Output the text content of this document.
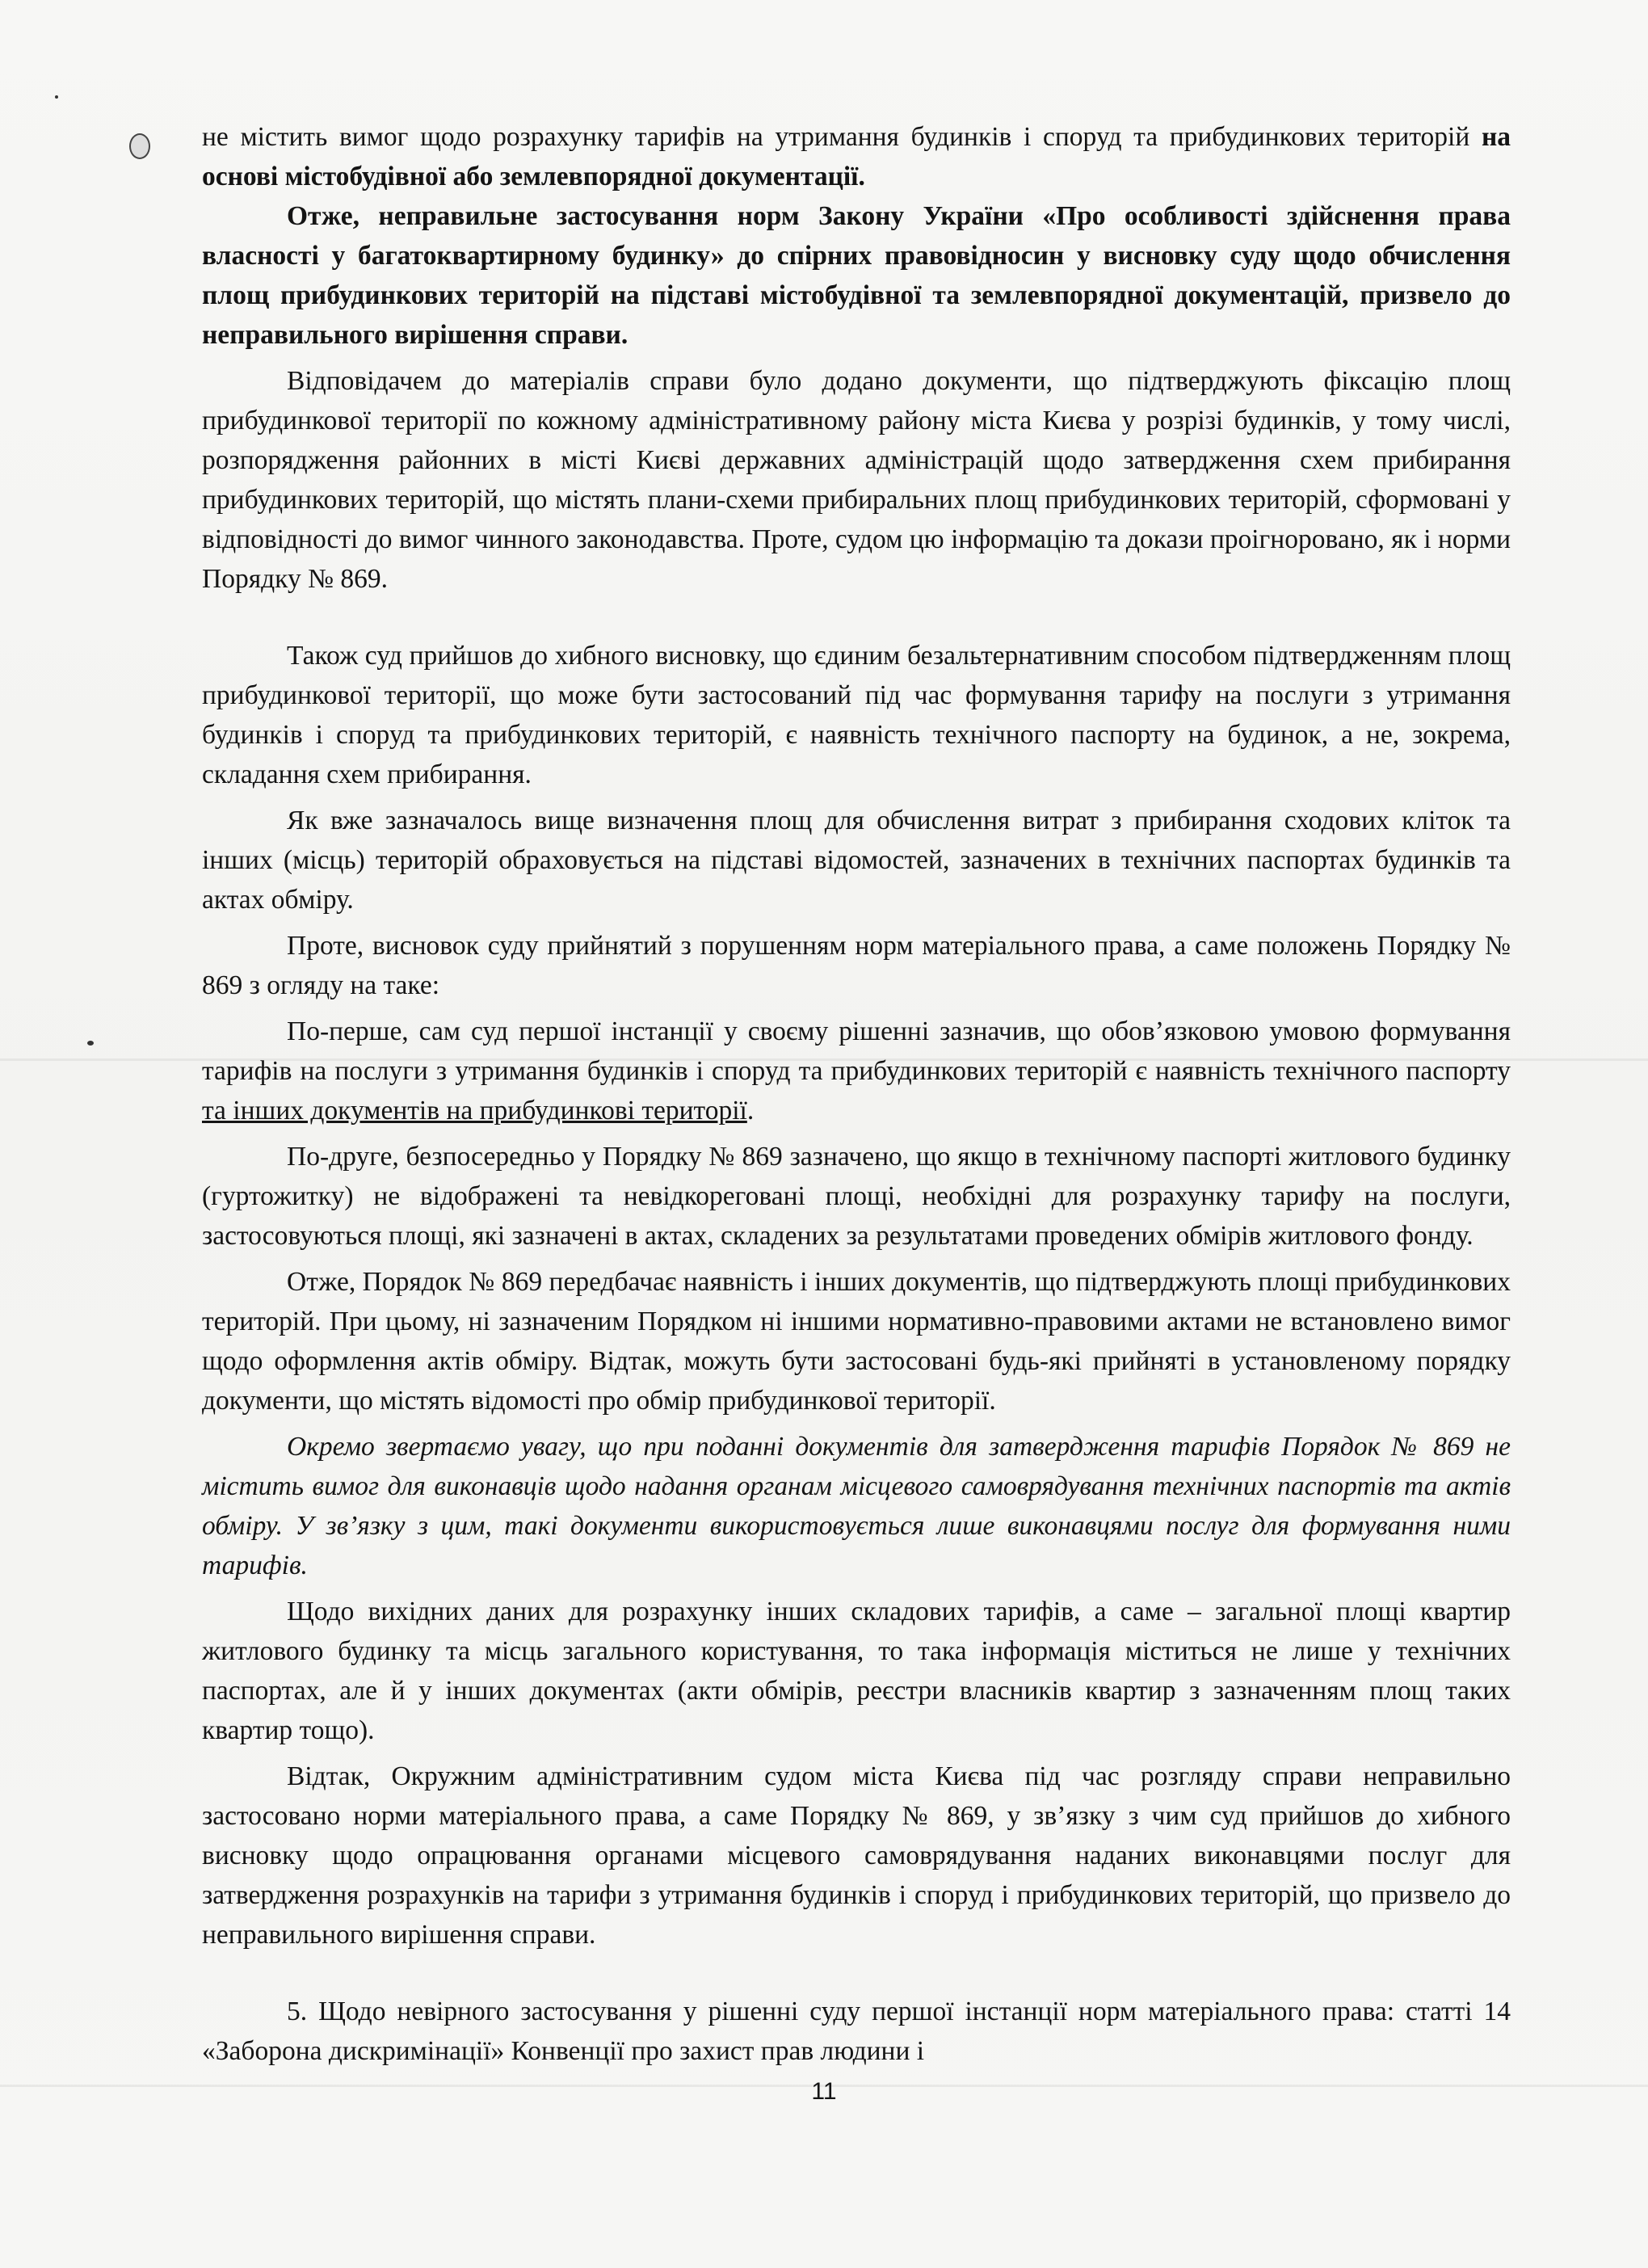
не містить вимог щодо розрахунку тарифів на утримання будинків і споруд та прибудинкових територій на основі містобудівної або землевпорядної документації.

Отже, неправильне застосування норм Закону України «Про особливості здійснення права власності у багатоквартирному будинку» до спірних правовідносин у висновку суду щодо обчислення площ прибудинкових територій на підставі містобудівної та землевпорядної документацій, призвело до неправильного вирішення справи.

Відповідачем до матеріалів справи було додано документи, що підтверджують фіксацію площ прибудинкової території по кожному адміністративному району міста Києва у розрізі будинків, у тому числі, розпорядження районних в місті Києві державних адміністрацій щодо затвердження схем прибирання прибудинкових територій, що містять плани-схеми прибиральних площ прибудинкових територій, сформовані у відповідності до вимог чинного законодавства. Проте, судом цю інформацію та докази проігноровано, як і норми Порядку № 869.

Також суд прийшов до хибного висновку, що єдиним безальтернативним способом підтвердженням площ прибудинкової території, що може бути застосований під час формування тарифу на послуги з утримання будинків і споруд та прибудинкових територій, є наявність технічного паспорту на будинок, а не, зокрема, складання схем прибирання.

Як вже зазначалось вище визначення площ для обчислення витрат з прибирання сходових кліток та інших (місць) територій обраховується на підставі відомостей, зазначених в технічних паспортах будинків та актах обміру.

Проте, висновок суду прийнятий з порушенням норм матеріального права, а саме положень Порядку № 869 з огляду на таке:

По-перше, сам суд першої інстанції у своєму рішенні зазначив, що обов’язковою умовою формування тарифів на послуги з утримання будинків і споруд та прибудинкових територій є наявність технічного паспорту та інших документів на прибудинкові території.

По-друге, безпосередньо у Порядку № 869 зазначено, що якщо в технічному паспорті житлового будинку (гуртожитку) не відображені та невідкореговані площі, необхідні для розрахунку тарифу на послуги, застосовуються площі, які зазначені в актах, складених за результатами проведених обмірів житлового фонду.

Отже, Порядок № 869 передбачає наявність і інших документів, що підтверджують площі прибудинкових територій. При цьому, ні зазначеним Порядком ні іншими нормативно-правовими актами не встановлено вимог щодо оформлення актів обміру. Відтак, можуть бути застосовані будь-які прийняті в установленому порядку документи, що містять відомості про обмір прибудинкової території.

Окремо звертаємо увагу, що при поданні документів для затвердження тарифів Порядок № 869 не містить вимог для виконавців щодо надання органам місцевого самоврядування технічних паспортів та актів обміру. У зв’язку з цим, такі документи використовується лише виконавцями послуг для формування ними тарифів.

Щодо вихідних даних для розрахунку інших складових тарифів, а саме – загальної площі квартир житлового будинку та місць загального користування, то така інформація міститься не лише у технічних паспортах, але й у інших документах (акти обмірів, реєстри власників квартир з зазначенням площ таких квартир тощо).

Відтак, Окружним адміністративним судом міста Києва під час розгляду справи неправильно застосовано норми матеріального права, а саме Порядку № 869, у зв’язку з чим суд прийшов до хибного висновку щодо опрацювання органами місцевого самоврядування наданих виконавцями послуг для затвердження розрахунків на тарифи з утримання будинків і споруд і прибудинкових територій, що призвело до неправильного вирішення справи.

5. Щодо невірного застосування у рішенні суду першої інстанції норм матеріального права: статті 14 «Заборона дискримінації» Конвенції про захист прав людини і

11
